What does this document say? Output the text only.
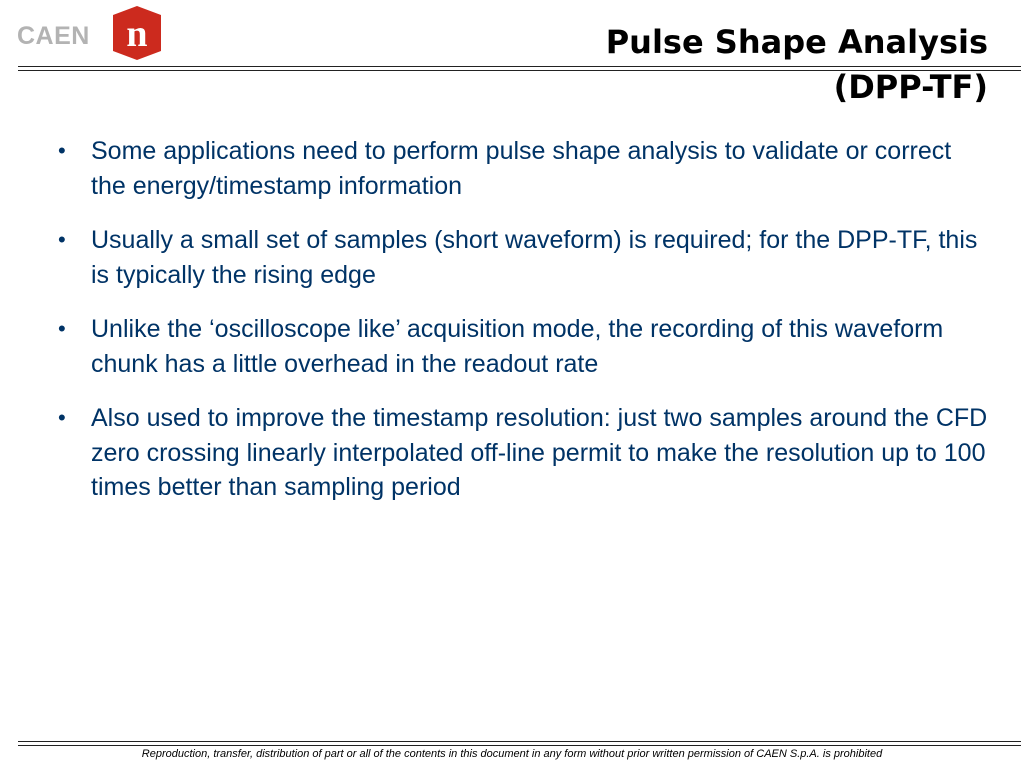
CAEN n	Pulse Shape Analysis
(DPP-TF)
• Some applications need to perform pulse shape analysis to validate or correct the energy/timestamp information
• Usually a small set of samples (short waveform) is required; for the DPP-TF, this is typically the rising edge
• Unlike the ‘oscilloscope like’ acquisition mode, the recording of this waveform chunk has a little overhead in the readout rate
• Also used to improve the timestamp resolution: just two samples around the CFD zero crossing linearly interpolated off-line permit to make the resolution up to 100 times better than sampling period
Reproduction, transfer, distribution of part or all of the contents in this document in any form without prior written permission of CAEN S.p.A. is prohibited
